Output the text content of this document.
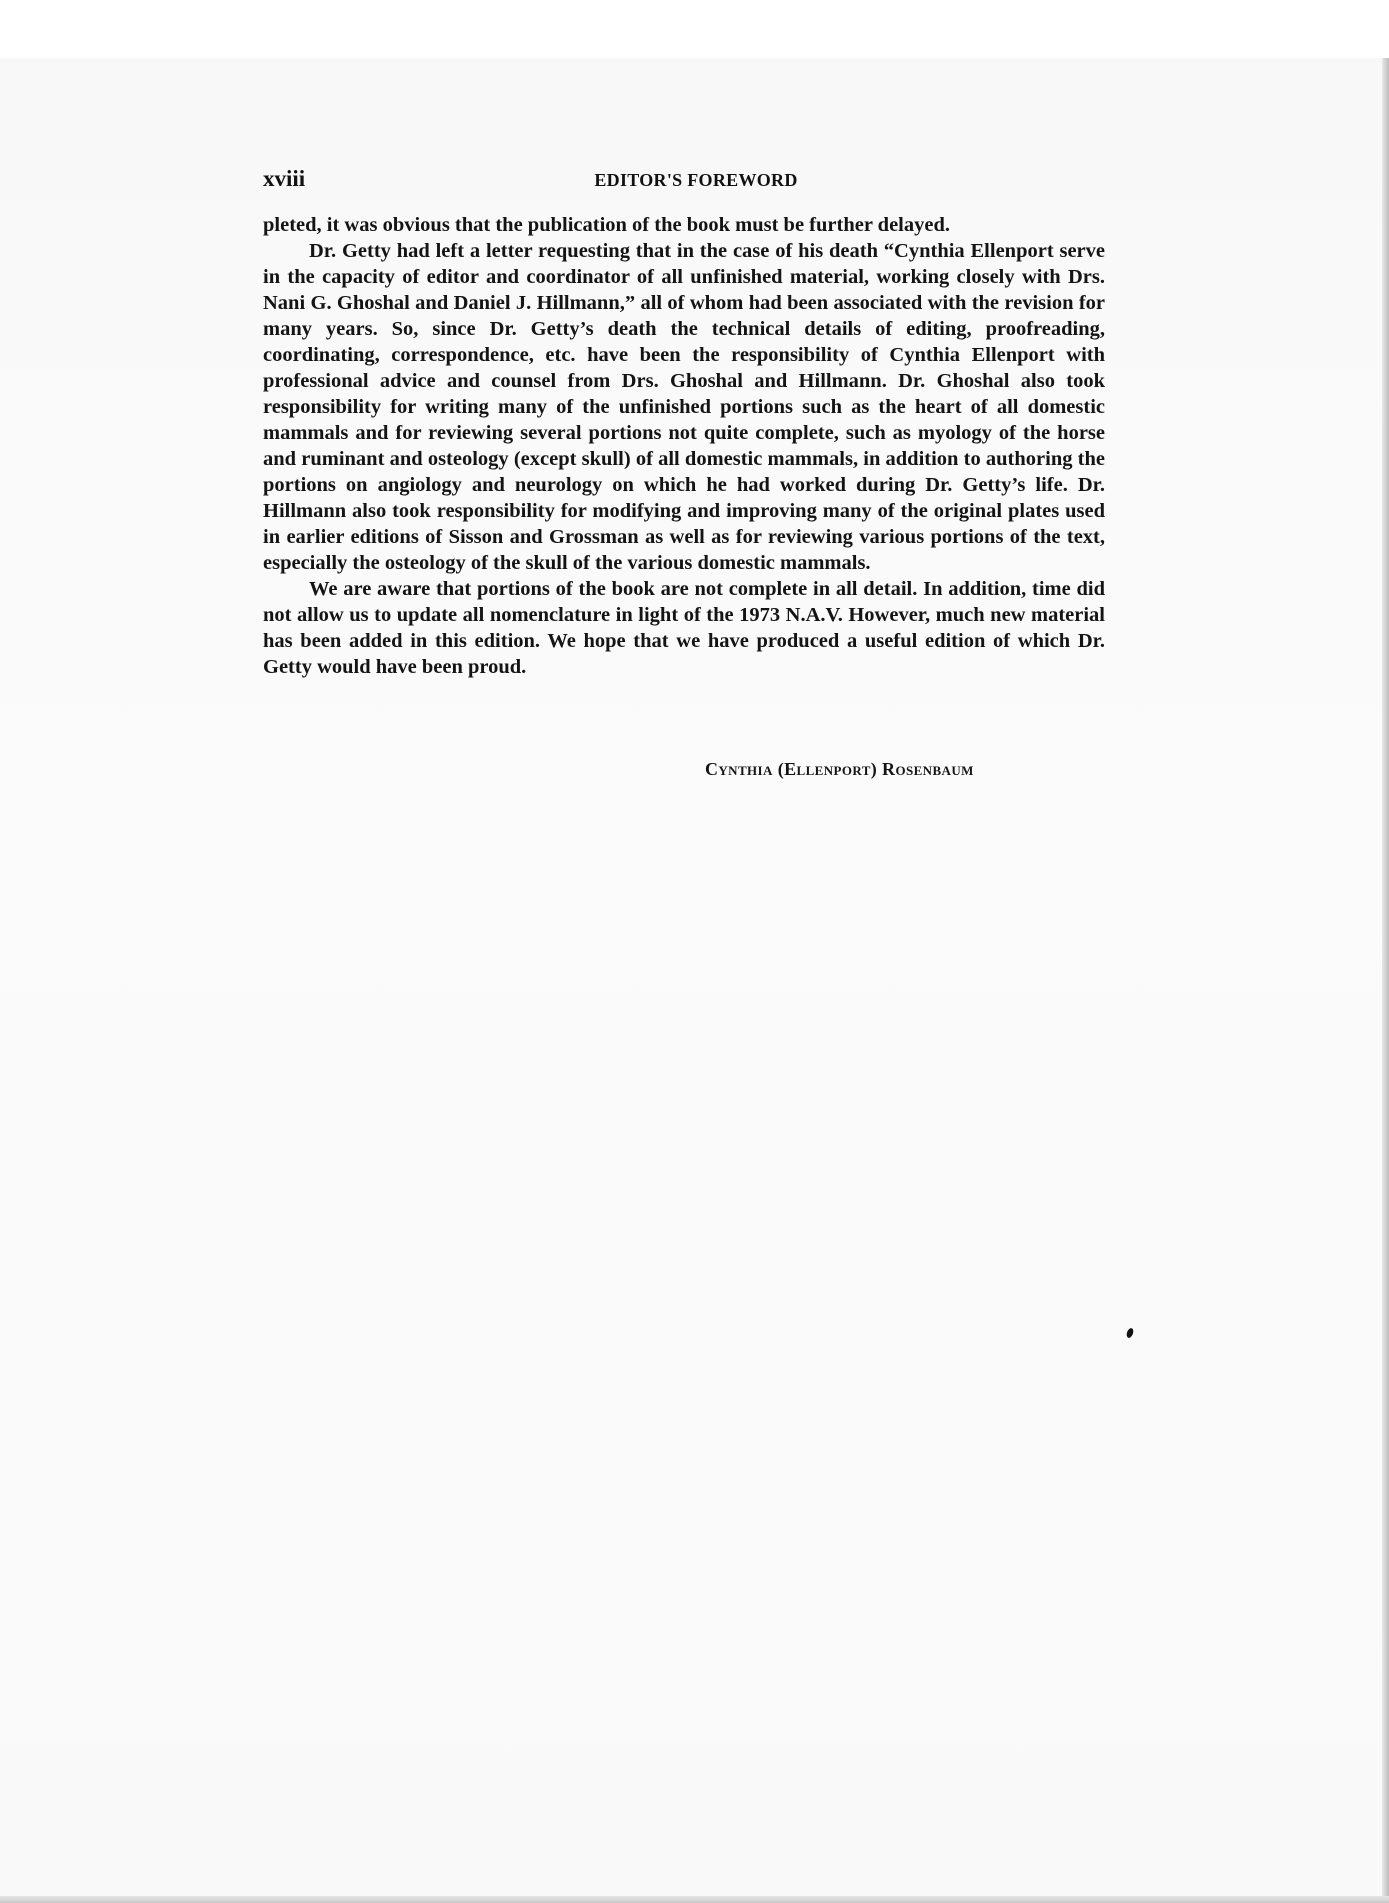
xviii	EDITOR'S FOREWORD

pleted, it was obvious that the publication of the book must be further delayed.

Dr. Getty had left a letter requesting that in the case of his death “Cynthia Ellenport serve in the capacity of editor and coordinator of all unfinished material, working closely with Drs. Nani G. Ghoshal and Daniel J. Hillmann,” all of whom had been associated with the revision for many years. So, since Dr. Getty’s death the technical details of editing, proofreading, coordinating, correspondence, etc. have been the responsibility of Cynthia Ellenport with professional advice and counsel from Drs. Ghoshal and Hillmann. Dr. Ghoshal also took responsibility for writing many of the unfinished portions such as the heart of all domestic mammals and for reviewing several portions not quite complete, such as myology of the horse and ruminant and osteology (except skull) of all domestic mammals, in addition to authoring the portions on angiology and neurology on which he had worked during Dr. Getty’s life. Dr. Hillmann also took responsibility for modifying and improving many of the original plates used in earlier editions of Sisson and Grossman as well as for reviewing various portions of the text, especially the osteology of the skull of the various domestic mammals.

We are aware that portions of the book are not complete in all detail. In addition, time did not allow us to update all nomenclature in light of the 1973 N.A.V. However, much new material has been added in this edition. We hope that we have produced a useful edition of which Dr. Getty would have been proud.

Cynthia (Ellenport) Rosenbaum
